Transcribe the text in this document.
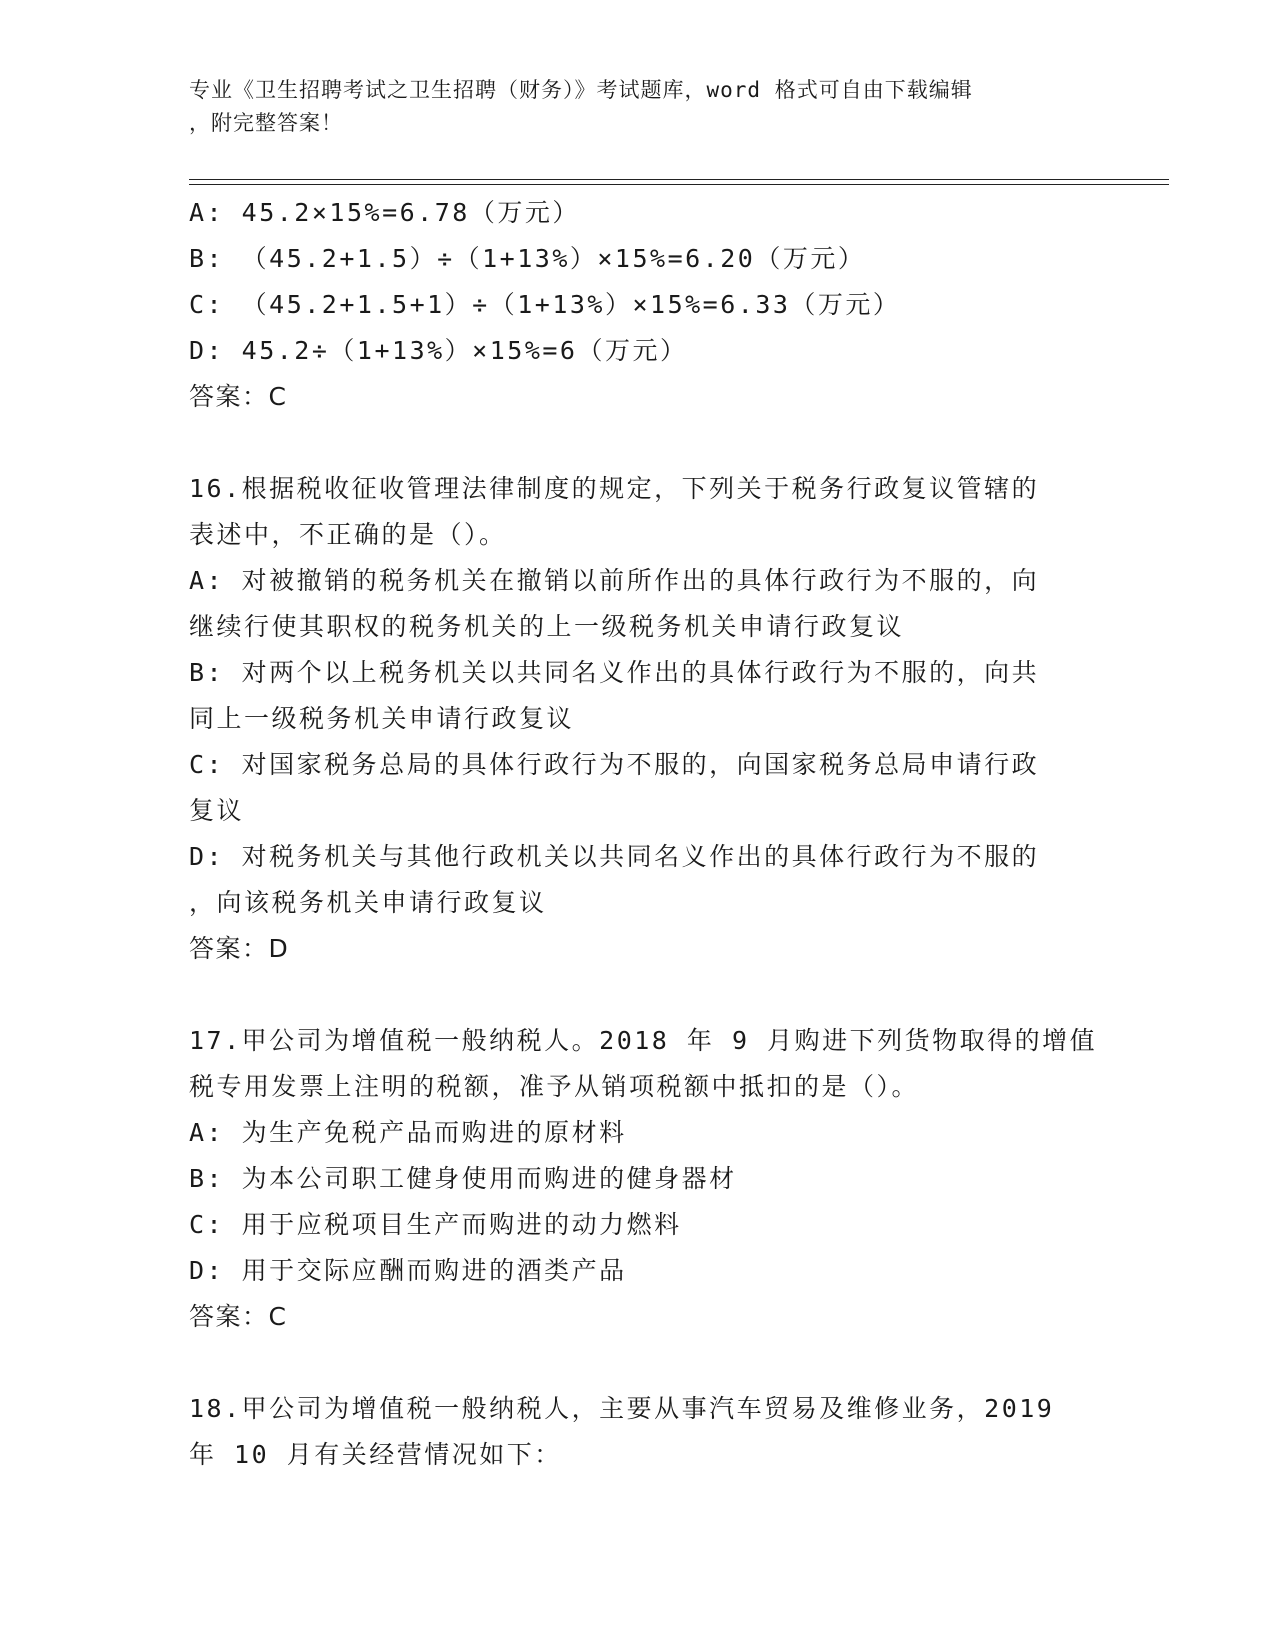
专业《卫生招聘考试之卫生招聘（财务）》考试题库，word 格式可自由下载编辑
，附完整答案！
A: 45.2×15%=6.78（万元）
B: （45.2+1.5）÷（1+13%）×15%=6.20（万元）
C: （45.2+1.5+1）÷（1+13%）×15%=6.33（万元）
D: 45.2÷（1+13%）×15%=6（万元）
答案：C
16.根据税收征收管理法律制度的规定，下列关于税务行政复议管辖的
表述中，不正确的是（）。
A: 对被撤销的税务机关在撤销以前所作出的具体行政行为不服的，向
继续行使其职权的税务机关的上一级税务机关申请行政复议
B: 对两个以上税务机关以共同名义作出的具体行政行为不服的，向共
同上一级税务机关申请行政复议
C: 对国家税务总局的具体行政行为不服的，向国家税务总局申请行政
复议
D: 对税务机关与其他行政机关以共同名义作出的具体行政行为不服的
，向该税务机关申请行政复议
答案：D
17.甲公司为增值税一般纳税人。2018 年 9 月购进下列货物取得的增值
税专用发票上注明的税额，准予从销项税额中抵扣的是（）。
A: 为生产免税产品而购进的原材料
B: 为本公司职工健身使用而购进的健身器材
C: 用于应税项目生产而购进的动力燃料
D: 用于交际应酬而购进的酒类产品
答案：C
18.甲公司为增值税一般纳税人，主要从事汽车贸易及维修业务，2019
年 10 月有关经营情况如下：
